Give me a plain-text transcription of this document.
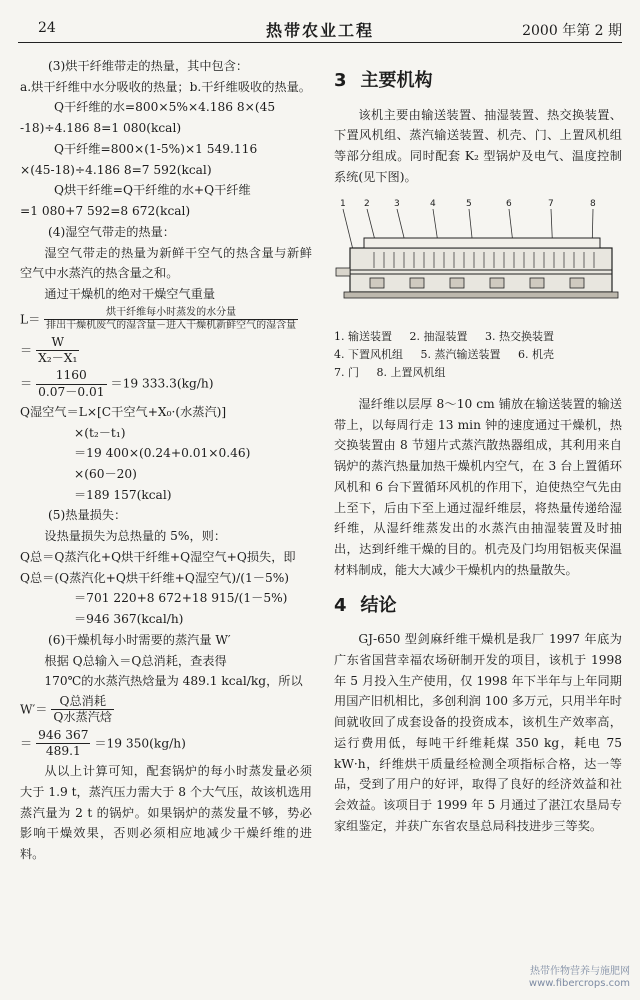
24	热带农业工程	2000 年第 2 期

(3)烘干纤维带走的热量，其中包含：

a.烘干纤维中水分吸收的热量；b.干纤维吸收的热量。

Q干纤维的水=800×5%×4.186 8×(45

-18)÷4.186 8=1 080(kcal)

Q干纤维=800×(1-5%)×1 549.116

×(45-18)÷4.186 8=7 592(kcal)

Q烘干纤维=Q干纤维的水+Q干纤维

=1 080+7 592=8 672(kcal)

(4)湿空气带走的热量：

湿空气带走的热量为新鲜干空气的热含量与新鲜空气中水蒸汽的热含量之和。

通过干燥机的绝对干燥空气重量

$L= \frac{\text{烘干纤维每小时蒸发的水分量}}{\text{排出干燥机废气的湿含量－进入干燥机新鲜空气的湿含量}}$
＝ $\frac{W}{\text{X₂－X₁}}$
＝ $\frac{1160}{0.07-0.01} =19$ 333.3(kg/h)

Q湿空气＝L×[C干空气+X₀·(水蒸汽)]

×(t₂－t₁)

＝19 400×(0.24+0.01×0.46)

×(60－20)

＝189 157(kcal)

(5)热量损失：

设热量损失为总热量的 5%，则：

Q总＝Q蒸汽化+Q烘干纤维+Q湿空气+Q损失，即

Q总＝(Q蒸汽化+Q烘干纤维+Q湿空气)/(1－5%)

＝701 220+8 672+18 915/(1－5%)

＝946 367(kcal/h)

(6)干燥机每小时需要的蒸汽量 W′

根据 Q总输入＝Q总消耗，查表得

170℃的水蒸汽热焓量为 489.1 kcal/kg，所以

$W'= \frac{\text{Q总消耗}}{\text{Q水蒸汽焓}}$
＝ $\frac{946 367}{489.1} =19$ 350(kg/h)

从以上计算可知，配套锅炉的每小时蒸发量必须大于 1.9 t，蒸汽压力需大于 8 个大气压，故该机选用蒸汽量为 2 t 的锅炉。如果锅炉的蒸发量不够，势必影响干燥效果，否则必须相应地减少干燥纤维的进料。

3 主要机构

该机主要由输送装置、抽湿装置、热交换装置、下置风机组、蒸汽输送装置、机壳、门、上置风机组等部分组成。同时配套 K₂ 型锅炉及电气、温度控制系统(见下图)。

1 2	3	4	5	6	7	8
1. 输送装置 2. 抽湿装置 3. 热交换装置
4. 下置风机组 5. 蒸汽输送装置 6. 机壳
7. 门 8. 上置风机组

湿纤维以层厚 8～10 cm 铺放在输送装置的输送带上，以每周行走 13 min 钟的速度通过干燥机，热交换装置由 8 节翅片式蒸汽散热器组成，其利用来自锅炉的蒸汽热量加热干燥机内空气，在 3 台上置循环风机和 6 台下置循环风机的作用下，迫使热空气先由上至下，后由下至上通过湿纤维层，将热量传递给湿纤维，从湿纤维蒸发出的水蒸汽由抽湿装置及时抽出，达到纤维干燥的目的。机壳及门均用铝板夹保温材料制成，能大大减少干燥机内的热量散失。

4 结论

GJ-650 型剑麻纤维干燥机是我厂 1997 年底为广东省国营幸福农场研制开发的项目，该机于 1998 年 5 月投入生产使用，仅 1998 年下半年与上年同期用国产旧机相比，多创利润 100 多万元，只用半年时间就收回了成套设备的投资成本，该机生产效率高，运行费用低，每吨干纤维耗煤 350 kg，耗电 75 kW·h，纤维烘干质量经检测全项指标合格，达一等品，受到了用户的好评，取得了良好的经济效益和社会效益。该项目于 1999 年 5 月通过了湛江农垦局专家组鉴定，并获广东省农垦总局科技进步三等奖。

热带作物营养与施肥网
www.fibercrops.com
